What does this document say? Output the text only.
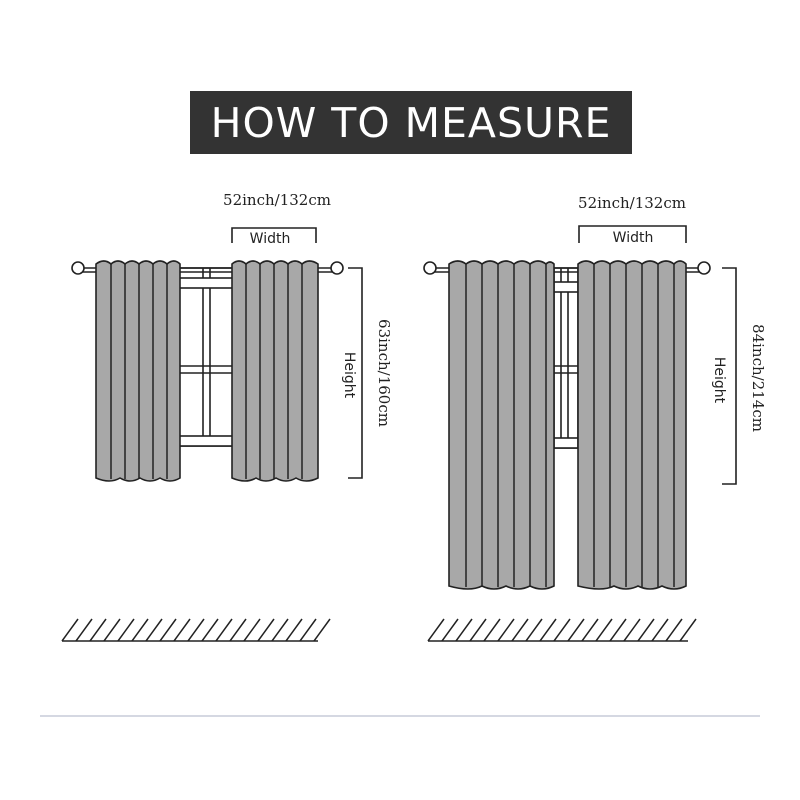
HOW TO MEASURE
52inch/132cm
Width
Height 63inch/160cm
52inch/132cm
Width
Height 84inch/214cm
